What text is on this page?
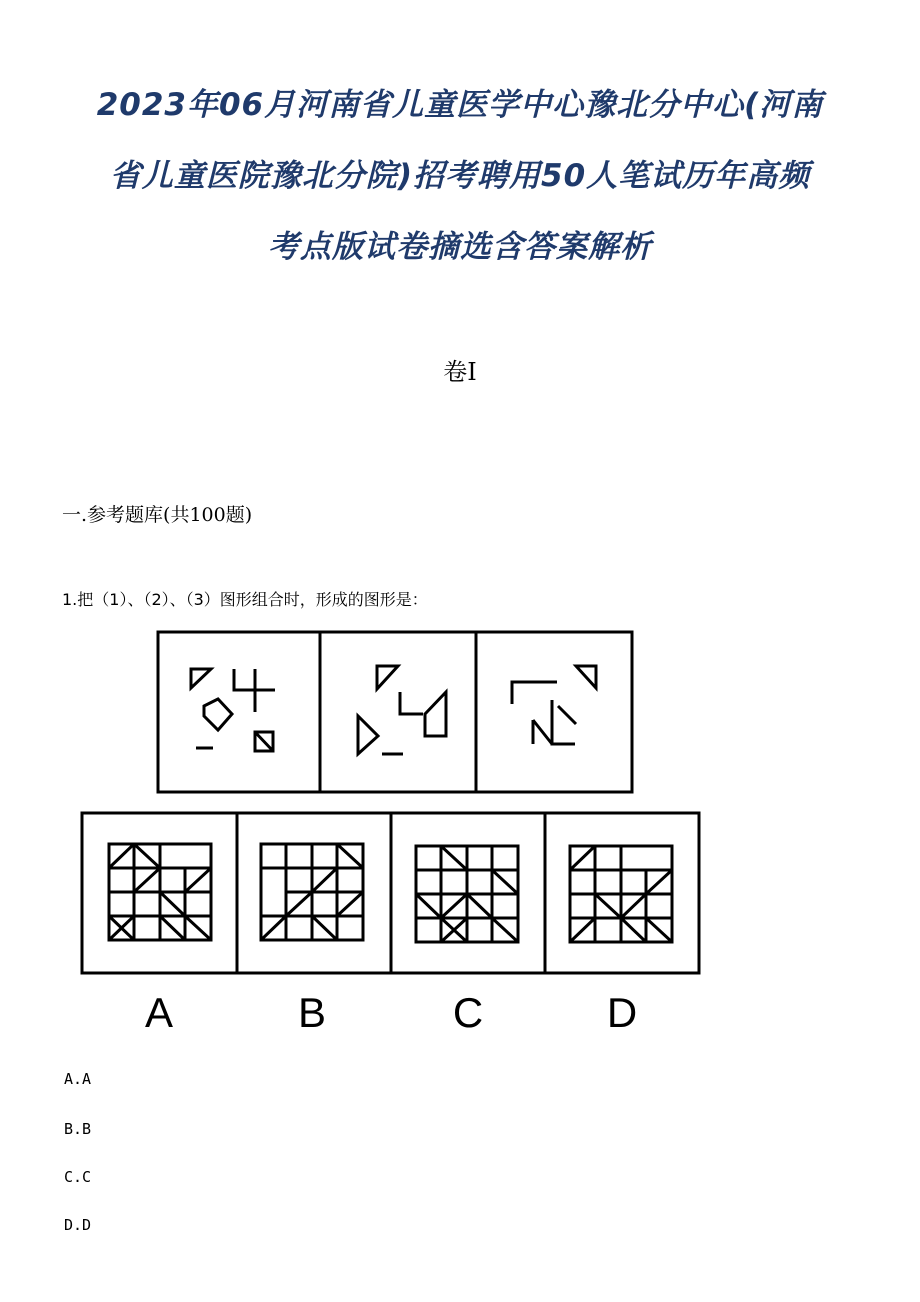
2023年06月河南省儿童医学中心豫北分中心(河南
省儿童医院豫北分院)招考聘用50人笔试历年高频
考点版试卷摘选含答案解析
卷I
一.参考题库(共100题)
1.把（1）、（2）、（3）图形组合时，形成的图形是：
A	B	C	D
A.A
B.B
C.C
D.D
